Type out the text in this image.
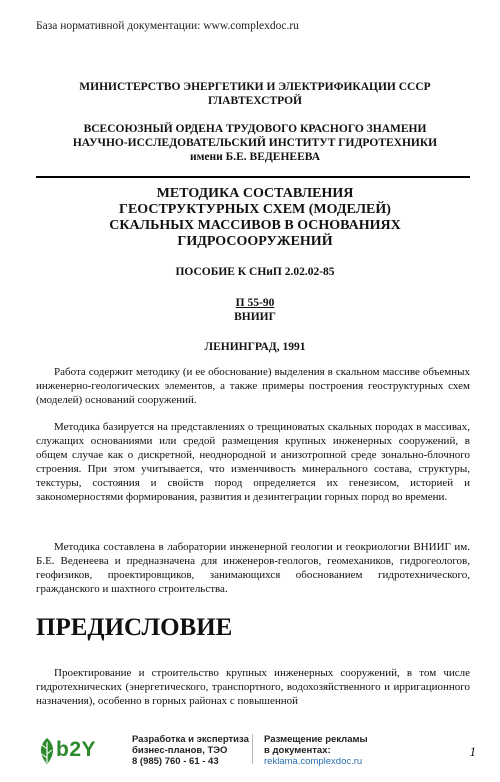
База нормативной документации: www.complexdoc.ru
МИНИСТЕРСТВО ЭНЕРГЕТИКИ И ЭЛЕКТРИФИКАЦИИ СССР
ГЛАВТЕХСТРОЙ
ВСЕСОЮЗНЫЙ ОРДЕНА ТРУДОВОГО КРАСНОГО ЗНАМЕНИ
НАУЧНО-ИССЛЕДОВАТЕЛЬСКИЙ ИНСТИТУТ ГИДРОТЕХНИКИ
имени Б.Е. ВЕДЕНЕЕВА
МЕТОДИКА СОСТАВЛЕНИЯ
ГЕОСТРУКТУРНЫХ СХЕМ (МОДЕЛЕЙ)
СКАЛЬНЫХ МАССИВОВ В ОСНОВАНИЯХ
ГИДРОСООРУЖЕНИЙ
ПОСОБИЕ К СНиП 2.02.02-85
П 55-90
ВНИИГ
ЛЕНИНГРАД, 1991
Работа содержит методику (и ее обоснование) выделения в скальном массиве объемных инженерно-геологических элементов, а также примеры построения геоструктурных схем (моделей) оснований сооружений.
Методика базируется на представлениях о трещиноватых скальных породах в массивах, служащих основаниями или средой размещения крупных инженерных сооружений, в общем случае как о дискретной, неоднородной и анизотропной среде зонально-блочного строения. При этом учитывается, что изменчивость минерального состава, структуры, текстуры, состояния и свойств пород определяется их генезисом, историей и закономерностями формирования, развития и дезинтеграции горных пород во времени.
Методика составлена в лаборатории инженерной геологии и геокриологии ВНИИГ им. Б.Е. Веденеева и предназначена для инженеров-геологов, геомехаников, гидрогеологов, геофизиков, проектировщиков, занимающихся обоснованием гидротехнического, гражданского и шахтного строительства.
ПРЕДИСЛОВИЕ
Проектирование и строительство крупных инженерных сооружений, в том числе гидротехнических (энергетического, транспортного, водохозяйственного и ирригационного назначения), особенно в горных районах с повышенной
b2Y	Разработка и экспертиза
бизнес-планов, ТЭО
8 (985) 760 - 61 - 43
Размещение рекламы
в документах:
reklama.complexdoc.ru
1
